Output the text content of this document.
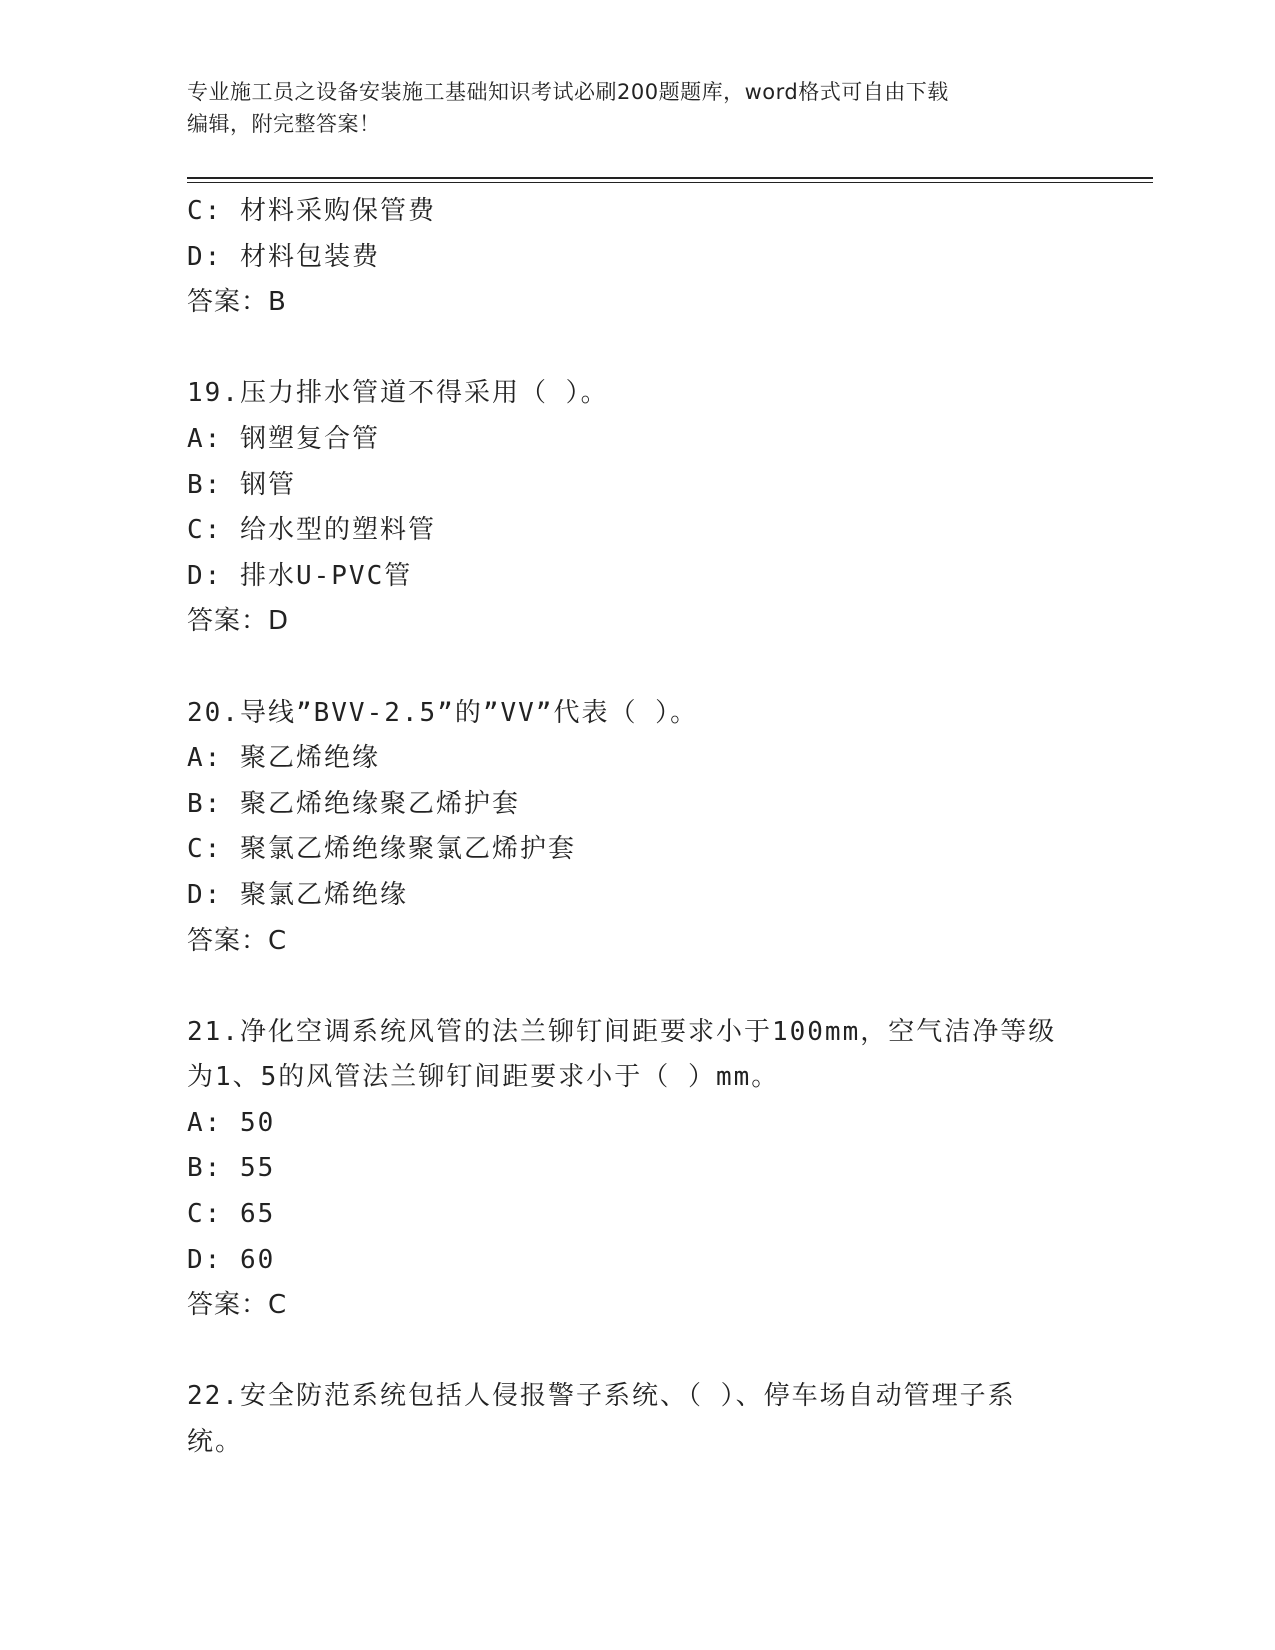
专业施工员之设备安装施工基础知识考试必刷200题题库，word格式可自由下载
编辑，附完整答案！
C: 材料采购保管费
D: 材料包装费
答案：B
19.压力排水管道不得采用（ ）。
A: 钢塑复合管
B: 钢管
C: 给水型的塑料管
D: 排水U-PVC管
答案：D
20.导线”BVV-2.5”的”VV”代表（ ）。
A: 聚乙烯绝缘
B: 聚乙烯绝缘聚乙烯护套
C: 聚氯乙烯绝缘聚氯乙烯护套
D: 聚氯乙烯绝缘
答案：C
21.净化空调系统风管的法兰铆钉间距要求小于100mm，空气洁净等级
为1、5的风管法兰铆钉间距要求小于（ ）mm。
A: 50
B: 55
C: 65
D: 60
答案：C
22.安全防范系统包括人侵报警子系统、（ ）、停车场自动管理子系
统。
